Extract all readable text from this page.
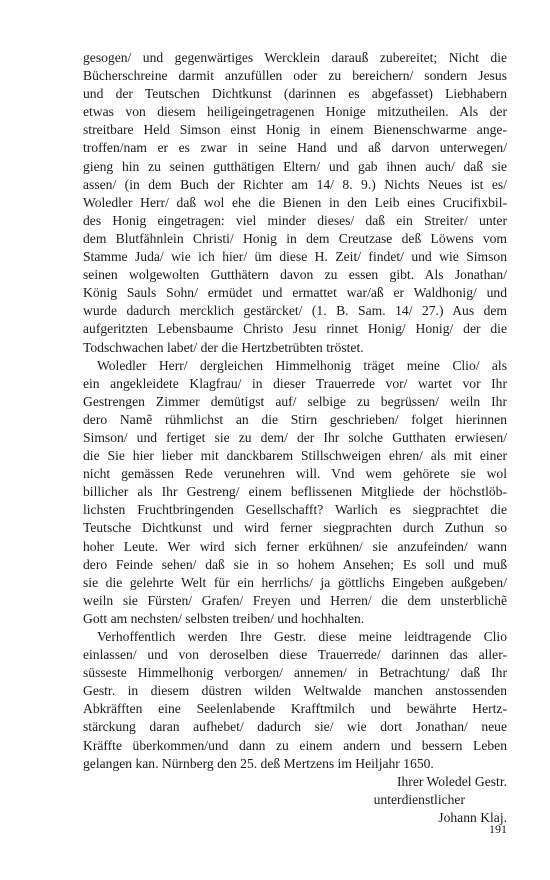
gesogen/ und gegenwärtiges Wercklein darauß zubereitet; Nicht die
Bücherschreine darmit anzufüllen oder zu bereichern/ sondern Jesus
und der Teutschen Dichtkunst (darinnen es abgefasset) Liebhabern
etwas von diesem heiligeingetragenen Honige mitzutheilen. Als der
streitbare Held Simson einst Honig in einem Bienenschwarme ange-
troffen/nam er es zwar in seine Hand und aß darvon unterwegen/
gieng hin zu seinen gutthätigen Eltern/ und gab ihnen auch/ daß sie
assen/ (in dem Buch der Richter am 14/ 8. 9.) Nichts Neues ist es/
Woledler Herr/ daß wol ehe die Bienen in den Leib eines Crucifixbil-
des Honig eingetragen: viel minder dieses/ daß ein Streiter/ unter
dem Blutfähnlein Christi/ Honig in dem Creutzase deß Löwens vom
Stamme Juda/ wie ich hier/ üm diese H. Zeit/ findet/ und wie Simson
seinen wolgewolten Gutthätern davon zu essen gibt. Als Jonathan/
König Sauls Sohn/ ermüdet und ermattet war/aß er Waldhonig/ und
wurde dadurch mercklich gestärcket/ (1. B. Sam. 14/ 27.) Aus dem
aufgeritzten Lebensbaume Christo Jesu rinnet Honig/ Honig/ der die
Todschwachen labet/ der die Hertzbetrübten tröstet.
Woledler Herr/ dergleichen Himmelhonig träget meine Clio/ als
ein angekleidete Klagfrau/ in dieser Trauerrede vor/ wartet vor Ihr
Gestrengen Zimmer demütigst auf/ selbige zu begrüssen/ weiln Ihr
dero Namẽ rühmlichst an die Stirn geschrieben/ folget hierinnen
Simson/ und fertiget sie zu dem/ der Ihr solche Gutthaten erwiesen/
die Sie hier lieber mit danckbarem Stillschweigen ehren/ als mit einer
nicht gemässen Rede verunehren will. Vnd wem gehörete sie wol
billicher als Ihr Gestreng/ einem beflissenen Mitgliede der höchstlöb-
lichsten Fruchtbringenden Gesellschafft? Warlich es siegprachtet die
Teutsche Dichtkunst und wird ferner siegprachten durch Zuthun so
hoher Leute. Wer wird sich ferner erkühnen/ sie anzufeinden/ wann
dero Feinde sehen/ daß sie in so hohem Ansehen; Es soll und muß
sie die gelehrte Welt für ein herrlichs/ ja göttlichs Eingeben außgeben/
weiln sie Fürsten/ Grafen/ Freyen und Herren/ die dem unsterblichẽ
Gott am nechsten/ selbsten treiben/ und hochhalten.
Verhoffentlich werden Ihre Gestr. diese meine leidtragende Clio
einlassen/ und von deroselben diese Trauerrede/ darinnen das aller-
süsseste Himmelhonig verborgen/ annemen/ in Betrachtung/ daß Ihr
Gestr. in diesem düstren wilden Weltwalde manchen anstossenden
Abkräfften eine Seelenlabende Krafftmilch und bewährte Hertz-
stärckung daran aufhebet/ dadurch sie/ wie dort Jonathan/ neue
Kräffte überkommen/und dann zu einem andern und bessern Leben
gelangen kan. Nürnberg den 25. deß Mertzens im Heiljahr 1650.
Ihrer Woledel Gestr.
unterdienstlicher
Johann Klaj.
191
